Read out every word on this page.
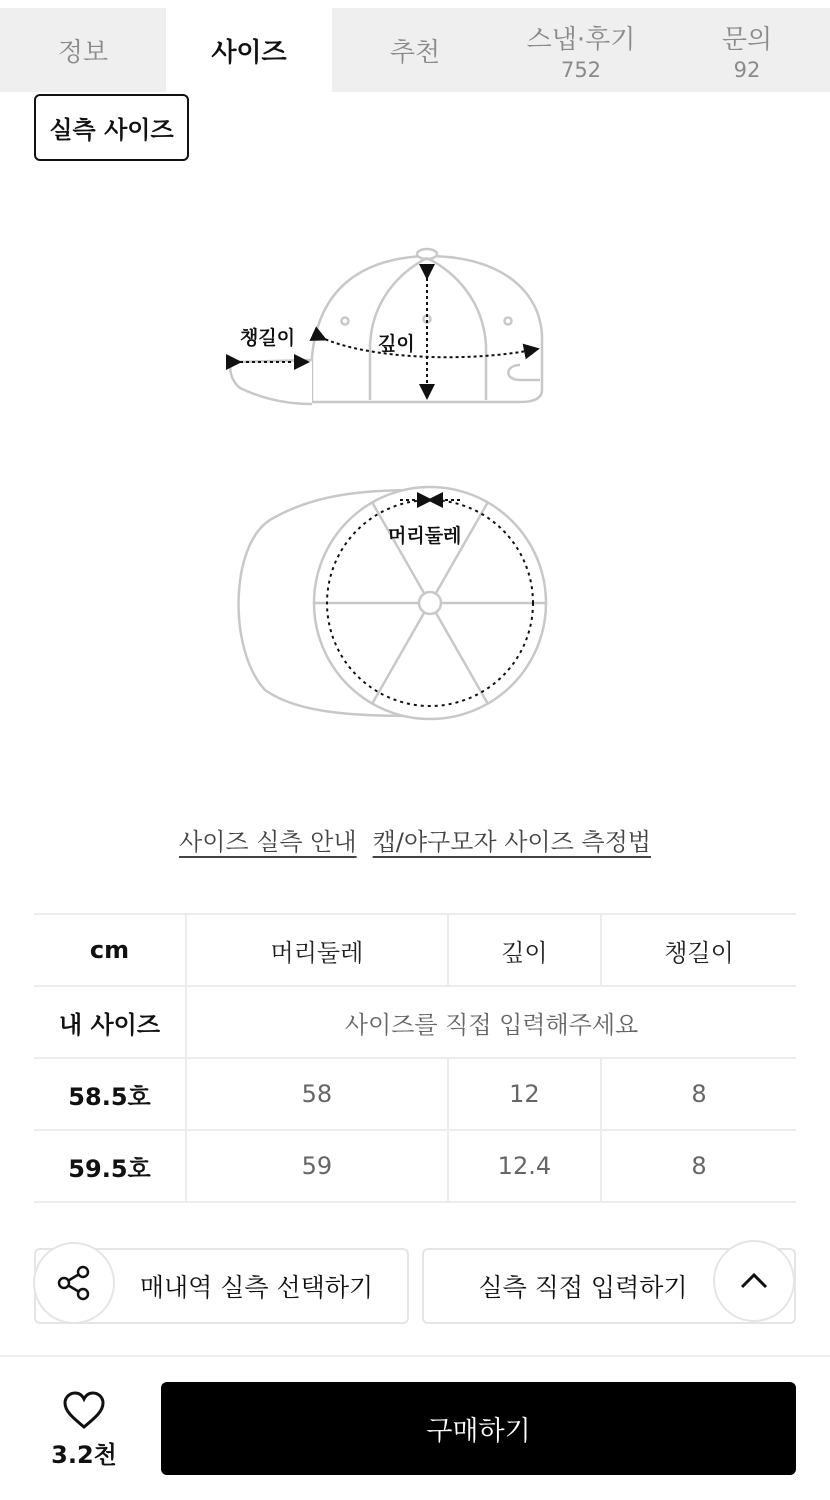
정보	사이즈	추천	스냅·후기
752
문의
92
실측 사이즈
챙길이	깊이
머리둘레
사이즈 실측 안내 캡/야구모자 사이즈 측정법
cm	머리둘레	깊이	챙길이
내 사이즈	사이즈를 직접 입력해주세요		
58.5호	58	12	8
59.5호	59	12.4	8
매내역 실측 선택하기	실측 직접 입력하기
3.2천
구매하기
